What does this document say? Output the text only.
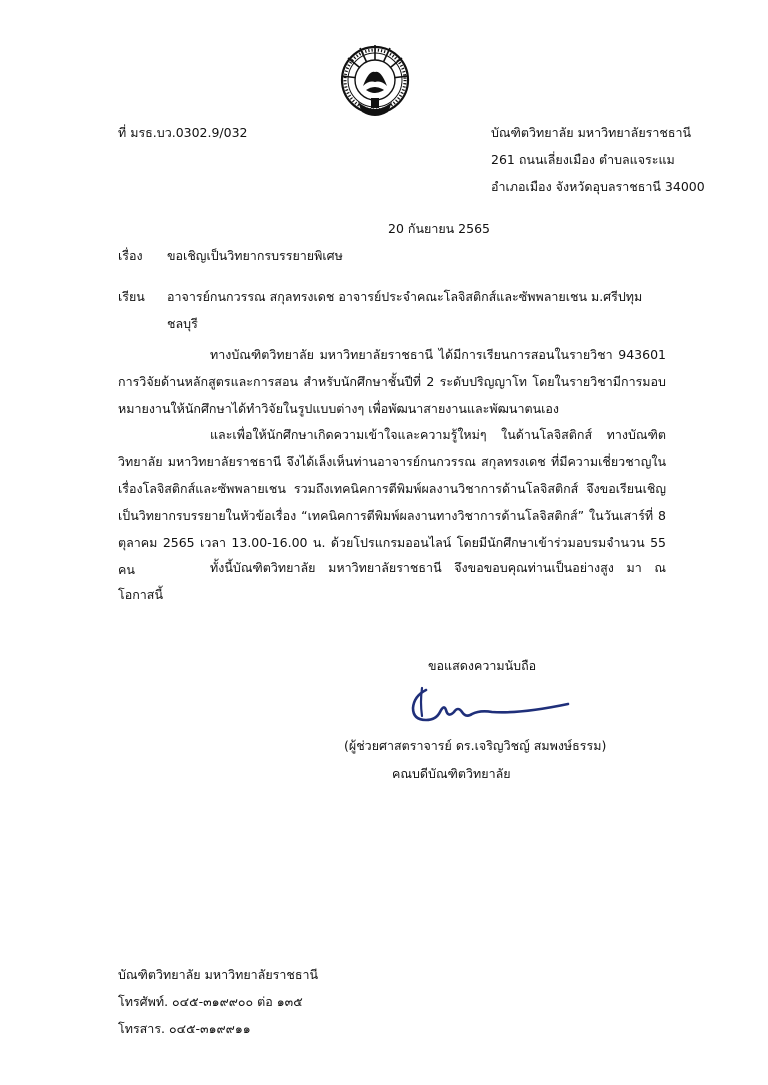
ที่ มรธ.บว.0302.9/032	บัณฑิตวิทยาลัย มหาวิทยาลัยราชธานี
261 ถนนเลี่ยงเมือง ตำบลแจระแม
อำเภอเมือง จังหวัดอุบลราชธานี 34000
20 กันยายน 2565
เรื่อง ขอเชิญเป็นวิทยากรบรรยายพิเศษ
เรียน อาจารย์กนกวรรณ สกุลทรงเดช อาจารย์ประจำคณะโลจิสติกส์และซัพพลายเชน ม.ศรีปทุม
ชลบุรี
ทางบัณฑิตวิทยาลัย มหาวิทยาลัยราชธานี ได้มีการเรียนการสอนในรายวิชา 943601 การวิจัยด้านหลักสูตรและการสอน สำหรับนักศึกษาชั้นปีที่ 2 ระดับปริญญาโท โดยในรายวิชามีการมอบหมายงานให้นักศึกษาได้ทำวิจัยในรูปแบบต่างๆ เพื่อพัฒนาสายงานและพัฒนาตนเอง
และเพื่อให้นักศึกษาเกิดความเข้าใจและความรู้ใหม่ๆ ในด้านโลจิสติกส์ ทางบัณฑิตวิทยาลัย มหาวิทยาลัยราชธานี จึงได้เล็งเห็นท่านอาจารย์กนกวรรณ สกุลทรงเดช ที่มีความเชี่ยวชาญในเรื่องโลจิสติกส์และซัพพลายเชน รวมถึงเทคนิคการตีพิมพ์ผลงานวิชาการด้านโลจิสติกส์ จึงขอเรียนเชิญเป็นวิทยากรบรรยายในหัวข้อเรื่อง “เทคนิคการตีพิมพ์ผลงานทางวิชาการด้านโลจิสติกส์” ในวันเสาร์ที่ 8 ตุลาคม 2565 เวลา 13.00-16.00 น. ด้วยโปรแกรมออนไลน์ โดยมีนักศึกษาเข้าร่วมอบรมจำนวน 55 คน	ทั้งนี้บัณฑิตวิทยาลัย มหาวิทยาลัยราชธานี จึงขอขอบคุณท่านเป็นอย่างสูง มา ณ โอกาสนี้
ขอแสดงความนับถือ
(ผู้ช่วยศาสตราจารย์ ดร.เจริญวิชญ์ สมพงษ์ธรรม)
คณบดีบัณฑิตวิทยาลัย
บัณฑิตวิทยาลัย มหาวิทยาลัยราชธานี
โทรศัพท์. ๐๔๕-๓๑๙๙๐๐ ต่อ ๑๓๕
โทรสาร. ๐๔๕-๓๑๙๙๑๑
